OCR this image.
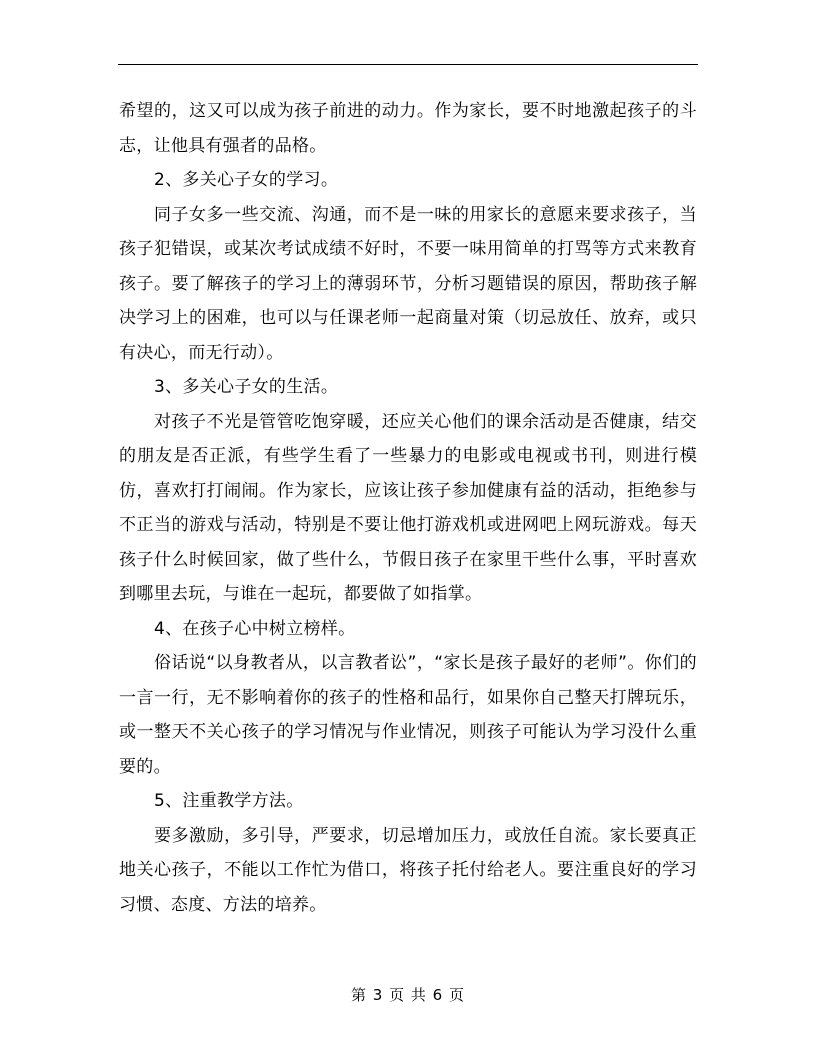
希望的，这又可以成为孩子前进的动力。作为家长，要不时地激起孩子的斗志，让他具有强者的品格。

2、多关心子女的学习。

同子女多一些交流、沟通，而不是一味的用家长的意愿来要求孩子，当孩子犯错误，或某次考试成绩不好时，不要一味用简单的打骂等方式来教育孩子。要了解孩子的学习上的薄弱环节，分析习题错误的原因，帮助孩子解决学习上的困难，也可以与任课老师一起商量对策（切忌放任、放弃，或只有决心，而无行动）。

3、多关心子女的生活。

对孩子不光是管管吃饱穿暖，还应关心他们的课余活动是否健康，结交的朋友是否正派，有些学生看了一些暴力的电影或电视或书刊，则进行模仿，喜欢打打闹闹。作为家长，应该让孩子参加健康有益的活动，拒绝参与不正当的游戏与活动，特别是不要让他打游戏机或进网吧上网玩游戏。每天孩子什么时候回家，做了些什么，节假日孩子在家里干些什么事，平时喜欢到哪里去玩，与谁在一起玩，都要做了如指掌。

4、在孩子心中树立榜样。

俗话说“以身教者从，以言教者讼”，“家长是孩子最好的老师”。你们的一言一行，无不影响着你的孩子的性格和品行，如果你自己整天打牌玩乐，或一整天不关心孩子的学习情况与作业情况，则孩子可能认为学习没什么重要的。

5、注重教学方法。

要多激励，多引导，严要求，切忌增加压力，或放任自流。家长要真正地关心孩子，不能以工作忙为借口，将孩子托付给老人。要注重良好的学习习惯、态度、方法的培养。

第 3 页 共 6 页
